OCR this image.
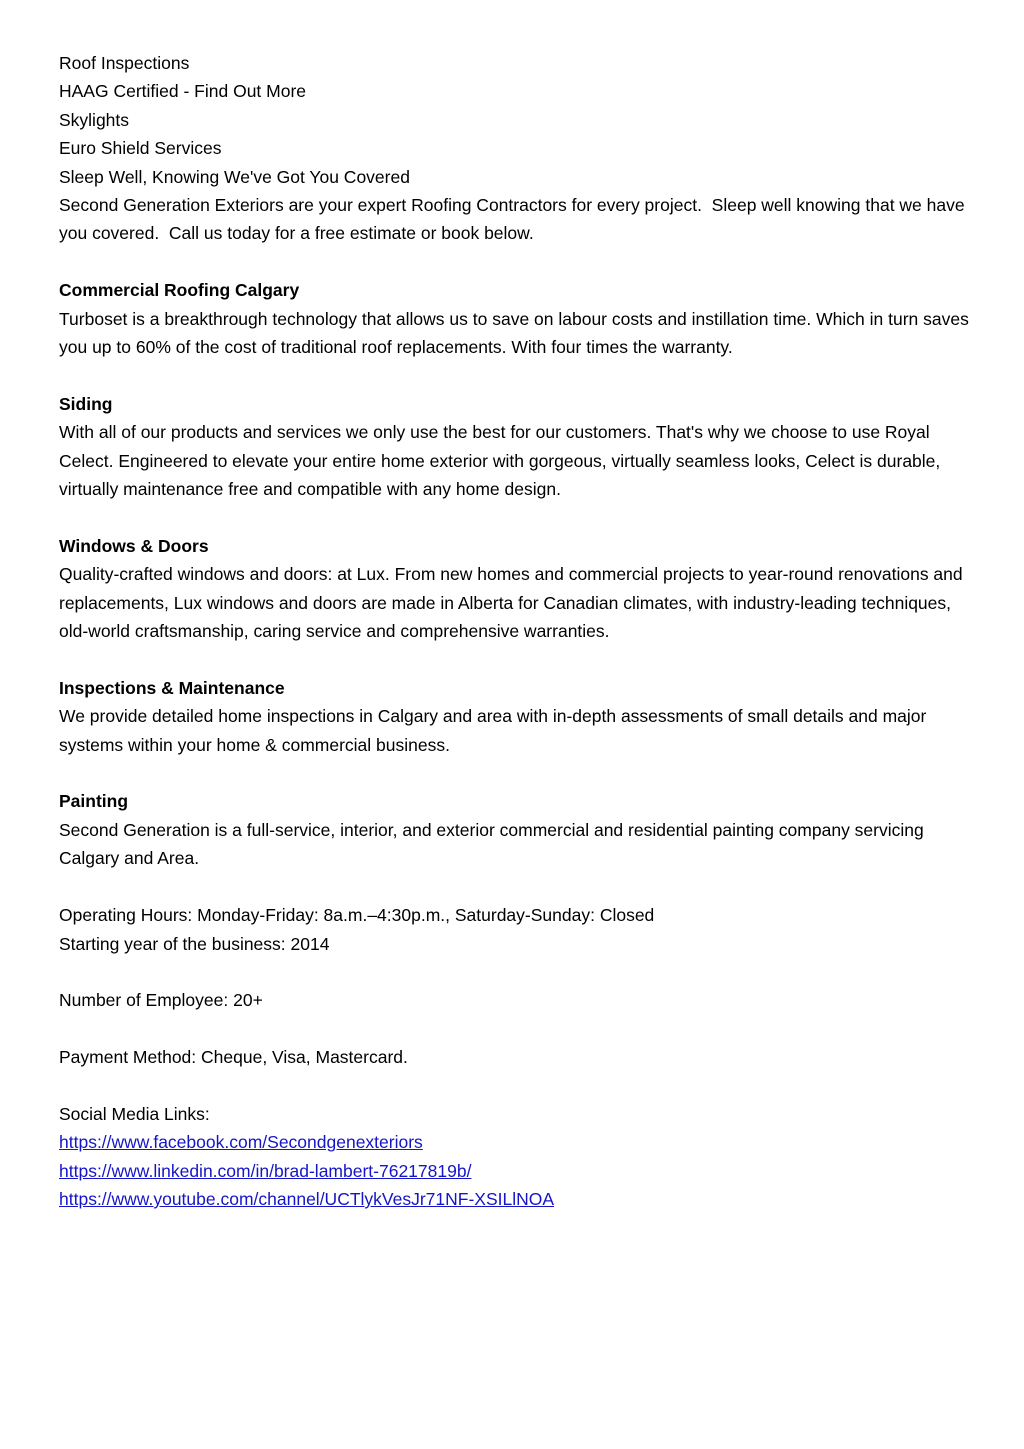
Roof Inspections
HAAG Certified - Find Out More
Skylights
Euro Shield Services
Sleep Well, Knowing We've Got You Covered
Second Generation Exteriors are your expert Roofing Contractors for every project.  Sleep well knowing that we have you covered.  Call us today for a free estimate or book below.
Commercial Roofing Calgary
Turboset is a breakthrough technology that allows us to save on labour costs and instillation time. Which in turn saves you up to 60% of the cost of traditional roof replacements. With four times the warranty.
Siding
With all of our products and services we only use the best for our customers. That's why we choose to use Royal Celect. Engineered to elevate your entire home exterior with gorgeous, virtually seamless looks, Celect is durable, virtually maintenance free and compatible with any home design.
Windows & Doors
Quality-crafted windows and doors: at Lux. From new homes and commercial projects to year-round renovations and replacements, Lux windows and doors are made in Alberta for Canadian climates, with industry-leading techniques, old-world craftsmanship, caring service and comprehensive warranties.
Inspections & Maintenance
We provide detailed home inspections in Calgary and area with in-depth assessments of small details and major systems within your home & commercial business.
Painting
Second Generation is a full-service, interior, and exterior commercial and residential painting company servicing Calgary and Area.
Operating Hours: Monday-Friday: 8a.m.–4:30p.m., Saturday-Sunday: Closed
Starting year of the business: 2014
Number of Employee: 20+
Payment Method: Cheque, Visa, Mastercard.
Social Media Links:
https://www.facebook.com/Secondgenexteriors
https://www.linkedin.com/in/brad-lambert-76217819b/
https://www.youtube.com/channel/UCTlykVesJr71NF-XSILlNOA
